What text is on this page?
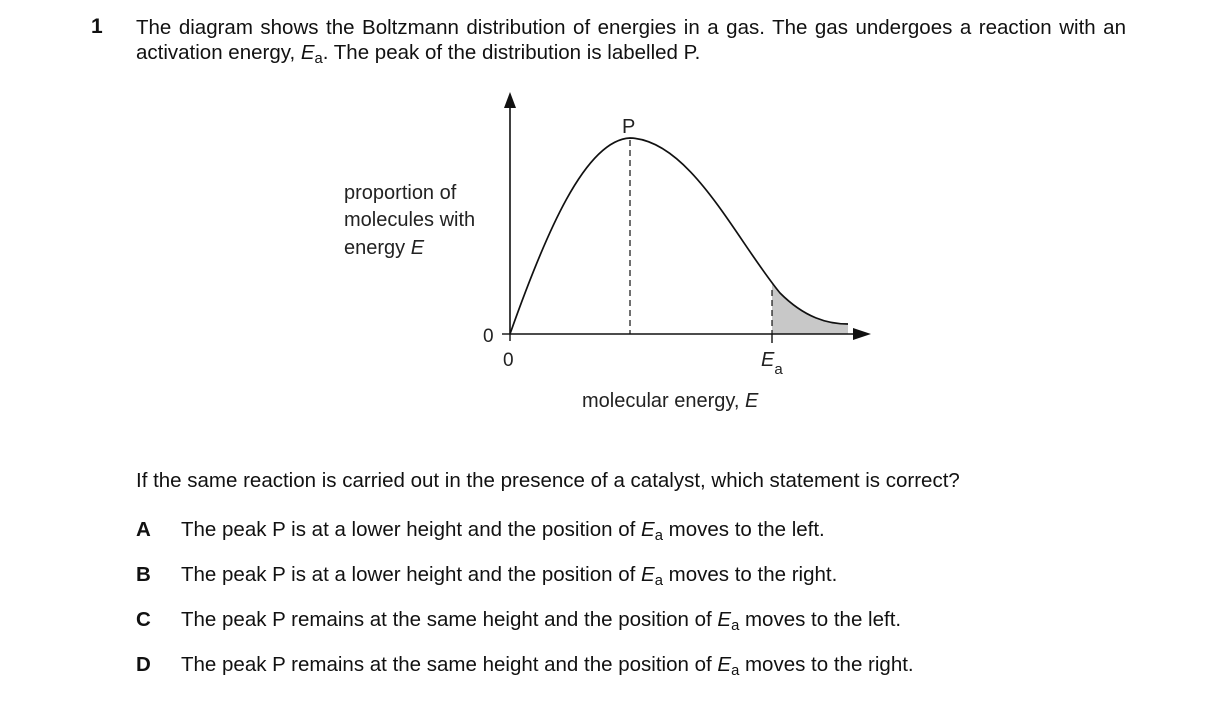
1 The diagram shows the Boltzmann distribution of energies in a gas. The gas undergoes a reaction with an activation energy, $E_a$. The peak of the distribution is labelled P.
P
proportion of
molecules with
energy E
0
0	$E_a$
molecular energy, E
If the same reaction is carried out in the presence of a catalyst, which statement is correct?
A The peak P is at a lower height and the position of $E_a$ moves to the left.
B The peak P is at a lower height and the position of $E_a$ moves to the right.
C The peak P remains at the same height and the position of $E_a$ moves to the left.
D The peak P remains at the same height and the position of $E_a$ moves to the right.
